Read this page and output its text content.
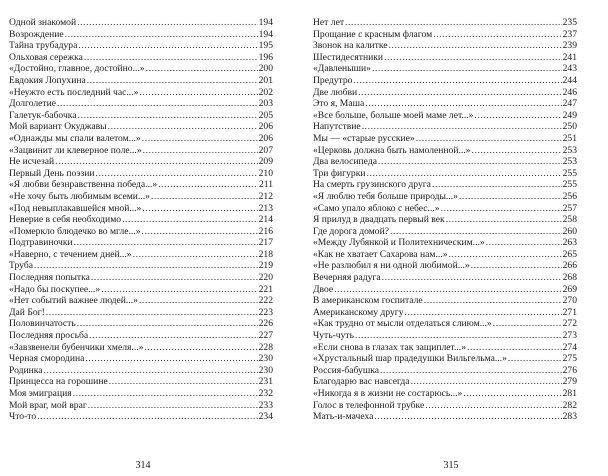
Одной знакомой .....	194
Возрождение .....	194
Тайна трубадура .....	195
Ольховая сережка .....	196
«Достойно, главное, достойно...» .....	200
Евдокия Лопухина .....	201
«Неужто есть последний час...» .....	202
Долголетие .....	203
Галетук-бабочка .....	205
Мой вариант Окуджавы .....	206
«Однажды мы спали валетом...» .....	206
«Зацвинит ли клеверное поле...» .....	207
Не исчезай .....	209
Первый День поэзии .....	210
«Я любви безнравственна победа...» .....	211
«Не хочу быть любимым всеми...» .....	212
«Под невыплакавшейся мной...» .....	213
Неверие в себя необходимо .....	214
«Померкло блюдечко во мгле...» .....	216
Подтравиночки .....	217
«Наверно, с течением дней...» .....	218
Труба .....	219
Последняя попытка .....	220
«Надо бы поскупее...» .....	221
«Нет событий важнее людей...» .....	222
Дай Бог! .....	223
Половинчатость .....	226
Последняя просьба .....	227
«Завзвенели бубенчики хмеля...» .....	228
Черная смородина .....	230
Родинка .....	230
Принцесса на горошине .....	231
Моя эмиграция .....	232
Мой враг, мой враг .....	233
Что-то .....	234
Нет лет .....	235
Прощание с красным флагом .....	237
Звонок на калитке .....	239
Шестидесятники .....	241
«Давленыши» .....	243
Предутро .....	244
Две любви .....	246
Это я, Маша .....	247
«Все больше, больше моей маме лет...» .....	249
Напутствие .....	250
Мы — «старые русские» .....	251
«Церковь должна быть намоленной...» .....	253
Два велосипеда .....	253
Три фигурки .....	255
На смерть грузинского друга .....	255
«Я люблю тебя больше природы...» .....	256
«Само упало яблоко с небес...» .....	257
Я прилуд в двадцать первый век .....	258
Где дорога домой? .....	260
«Между Лубянкой и Политехническим...» .....	263
«Как не хватает Сахарова нам...» .....	265
«Не разлюбил я ни одной любимой...» .....	266
Вечерняя радуга .....	268
Двое .....	269
В американском госпитале .....	270
Американскому другу .....	271
«Как трудно от мысли отделаться слиюм...» .....	272
Чуть-чуть .....	273
«Если снова в глазах так защиплет...» .....	274
«Хрустальный шар прадедушки Вильгельма...» .....	275
Россия-бабушка .....	276
Благодарю вас навсегда .....	279
«Никогда я в жизни не состарюсь...» .....	281
Голос в телефонной трубке .....	282
Мать-и-мачеха .....	283
314	315
